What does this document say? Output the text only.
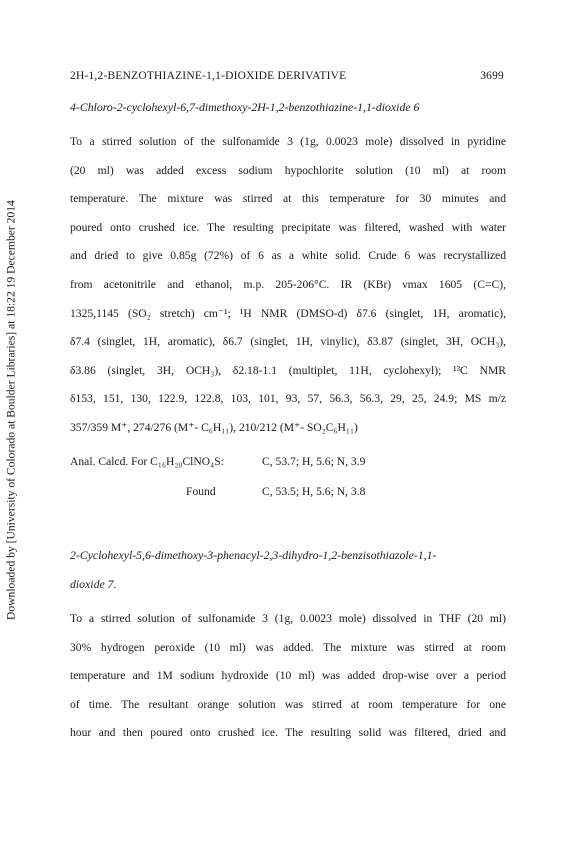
Downloaded by [University of Colorado at Boulder Libraries] at 18:22 19 December 2014
2H-1,2-BENZOTHIAZINE-1,1-DIOXIDE DERIVATIVE	3699
4-Chloro-2-cyclohexyl-6,7-dimethoxy-2H-1,2-benzothiazine-1,1-dioxide 6

To a stirred solution of the sulfonamide 3 (1g, 0.0023 mole) dissolved in pyridine

(20 ml) was added excess sodium hypochlorite solution (10 ml) at room

temperature. The mixture was stirred at this temperature for 30 minutes and

poured onto crushed ice. The resulting precipitate was filtered, washed with water

and dried to give 0.85g (72%) of 6 as a white solid. Crude 6 was recrystallized

from acetonitrile and ethanol, m.p. 205-206°C. IR (KBr) νmax 1605 (C=C),

1325,1145 (SO₂ stretch) cm⁻¹; ¹H NMR (DMSO-d) δ7.6 (singlet, 1H, aromatic),

δ7.4 (singlet, 1H, aromatic), δ6.7 (singlet, 1H, vinylic), δ3.87 (singlet, 3H, OCH₃),

δ3.86 (singlet, 3H, OCH₃), δ2.18-1.1 (multiplet, 11H, cyclohexyl); ¹³C NMR

δ153, 151, 130, 122.9, 122.8, 103, 101, 93, 57, 56.3, 56.3, 29, 25, 24.9; MS m/z

357/359 M⁺, 274/276 (M⁺- C₆H₁₁), 210/212 (M⁺- SO₂C₆H₁₁)

Anal. Calcd. For C₁₆H₂₀ClNO₄S:	C, 53.7; H, 5.6; N, 3.9
Found	C, 53.5; H, 5.6; N, 3.8
2-Cyclohexyl-5,6-dimethoxy-3-phenacyl-2,3-dihydro-1,2-benzisothiazole-1,1-
dioxide 7.

To a stirred solution of sulfonamide 3 (1g, 0.0023 mole) dissolved in THF (20 ml)

30% hydrogen peroxide (10 ml) was added. The mixture was stirred at room

temperature and 1M sodium hydroxide (10 ml) was added drop-wise over a period

of time. The resultant orange solution was stirred at room temperature for one

hour and then poured onto crushed ice. The resulting solid was filtered, dried and
